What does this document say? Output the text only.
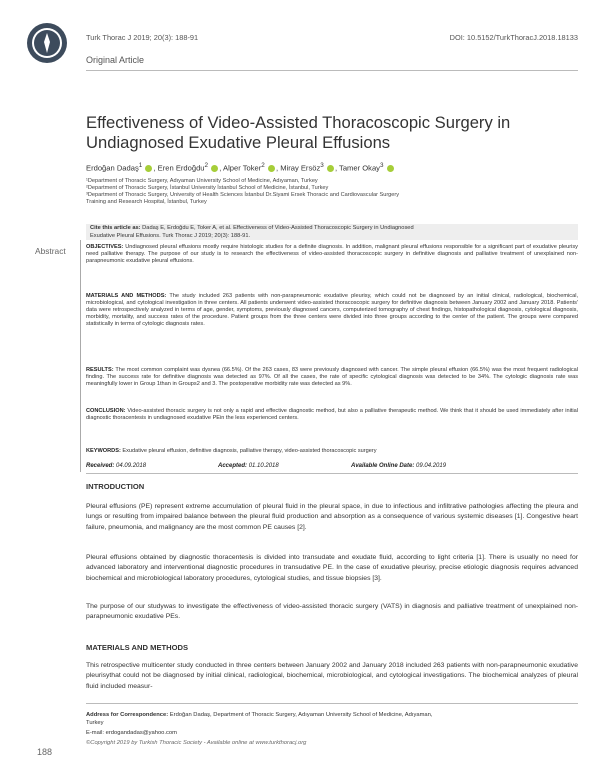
Turk Thorac J 2019; 20(3): 188-91	DOI: 10.5152/TurkThoracJ.2018.18133
Original Article
Effectiveness of Video-Assisted Thoracoscopic Surgery in Undiagnosed Exudative Pleural Effusions
Erdoğan Dadaş$^1$ , Eren Erdoğdu$^2$ , Alper Toker$^2$ , Miray Ersöz$^3$ , Tamer Okay$^3$
¹Department of Thoracic Surgery, Adıyaman University School of Medicine, Adıyaman, Turkey
²Department of Thoracic Surgery, İstanbul University İstanbul School of Medicine, İstanbul, Turkey
³Department of Thoracic Surgery, University of Health Sciences İstanbul Dr.Siyami Ersek Thoracic and Cardiovascular Surgery
Training and Research Hospital, İstanbul, Turkey
Cite this article as: Dadaş E, Erdoğdu E, Toker A, et al. Effectiveness of Video-Assisted Thoracoscopic Surgery in Undiagnosed
Exudative Pleural Effusions. Turk Thorac J 2019; 20(3): 188-91.
Abstract	OBJECTIVES: Undiagnosed pleural effusions mostly require histologic studies for a definite diagnosis. In addition, malignant pleural effusions responsible for a significant part of exudative pleurisy need palliative therapy. The purpose of our study is to research the effectiveness of video-assisted thoracoscopic surgery in definitive diagnosis and palliative treatment of unexplained non-parapneumonic exudative pleural effusions.
MATERIALS AND METHODS: The study included 263 patients with non-parapneumonic exudative pleurisy, which could not be diagnosed by an initial clinical, radiological, biochemical, microbiological, and cytological investigation in three centers. All patients underwent video-assisted thoracoscopic surgery for definitive diagnosis between January 2002 and January 2018. Patients' data were retrospectively analyzed in terms of age, gender, symptoms, previously diagnosed cancers, computerized tomography of chest findings, histopathological diagnosis, cytological diagnosis, morbidity, mortality, and success rates of the procedure. Patient groups from the three centers were divided into three groups according to the center of the patient. The groups were compared statistically in terms of cytologic diagnosis rates.
RESULTS: The most common complaint was dysnea (66.5%). Of the 263 cases, 83 were previously diagnosed with cancer. The simple pleural effusion (66.5%) was the most frequent radiological finding. The success rate for definitive diagnosis was detected as 97%. Of all the cases, the rate of specific cytological diagnosis was detected to be 34%. The cytologic diagnosis rate was meaningfully lower in Group 1than in Groups2 and 3. The postoperative morbidity rate was detected as 9%.
CONCLUSION: Video-assisted thoracic surgery is not only a rapid and effective diagnostic method, but also a palliative therapeutic method. We think that it should be used immediately after initial diagnostic thoracentesis in undiagnosed exudative PEin the less experienced centers.
KEYWORDS: Exudative pleural effusion, definitive diagnosis, palliative therapy, video-assisted thoracoscopic surgery
Received: 04.09.2018	Accepted: 01.10.2018	Available Online Date: 09.04.2019
INTRODUCTION
Pleural effusions (PE) represent extreme accumulation of pleural fluid in the pleural space, in due to infectious and infiltrative pathologies affecting the pleura and lungs or resulting from impaired balance between the pleural fluid production and absorption as a consequence of various systemic diseases [1]. Congestive heart failure, pneumonia, and malignancy are the most common PE causes [2].
Pleural effusions obtained by diagnostic thoracentesis is divided into transudate and exudate fluid, according to light criteria [1]. There is usually no need for advanced laboratory and interventional diagnostic procedures in transudative PE. In the case of exudative pleurisy, precise etiologic diagnosis requires advanced biochemical and microbiological laboratory procedures, cytological studies, and tissue biopsies [3].
The purpose of our studywas to investigate the effectiveness of video-assisted thoracic surgery (VATS) in diagnosis and palliative treatment of unexplained non-parapneumonic exudative PEs.
MATERIALS AND METHODS
This retrospective multicenter study conducted in three centers between January 2002 and January 2018 included 263 patients with non-parapneumonic exudative pleurisythat could not be diagnosed by initial clinical, radiological, biochemical, microbiological, and cytological investigations. The biochemical analyzes of pleural fluid included measur-
Address for Correspondence: Erdoğan Dadaş, Department of Thoracic Surgery, Adıyaman University School of Medicine, Adıyaman,
Turkey
E-mail: erdogandadas@yahoo.com
©Copyright 2019 by Turkish Thoracic Society - Available online at www.turkthoracj.org
188
